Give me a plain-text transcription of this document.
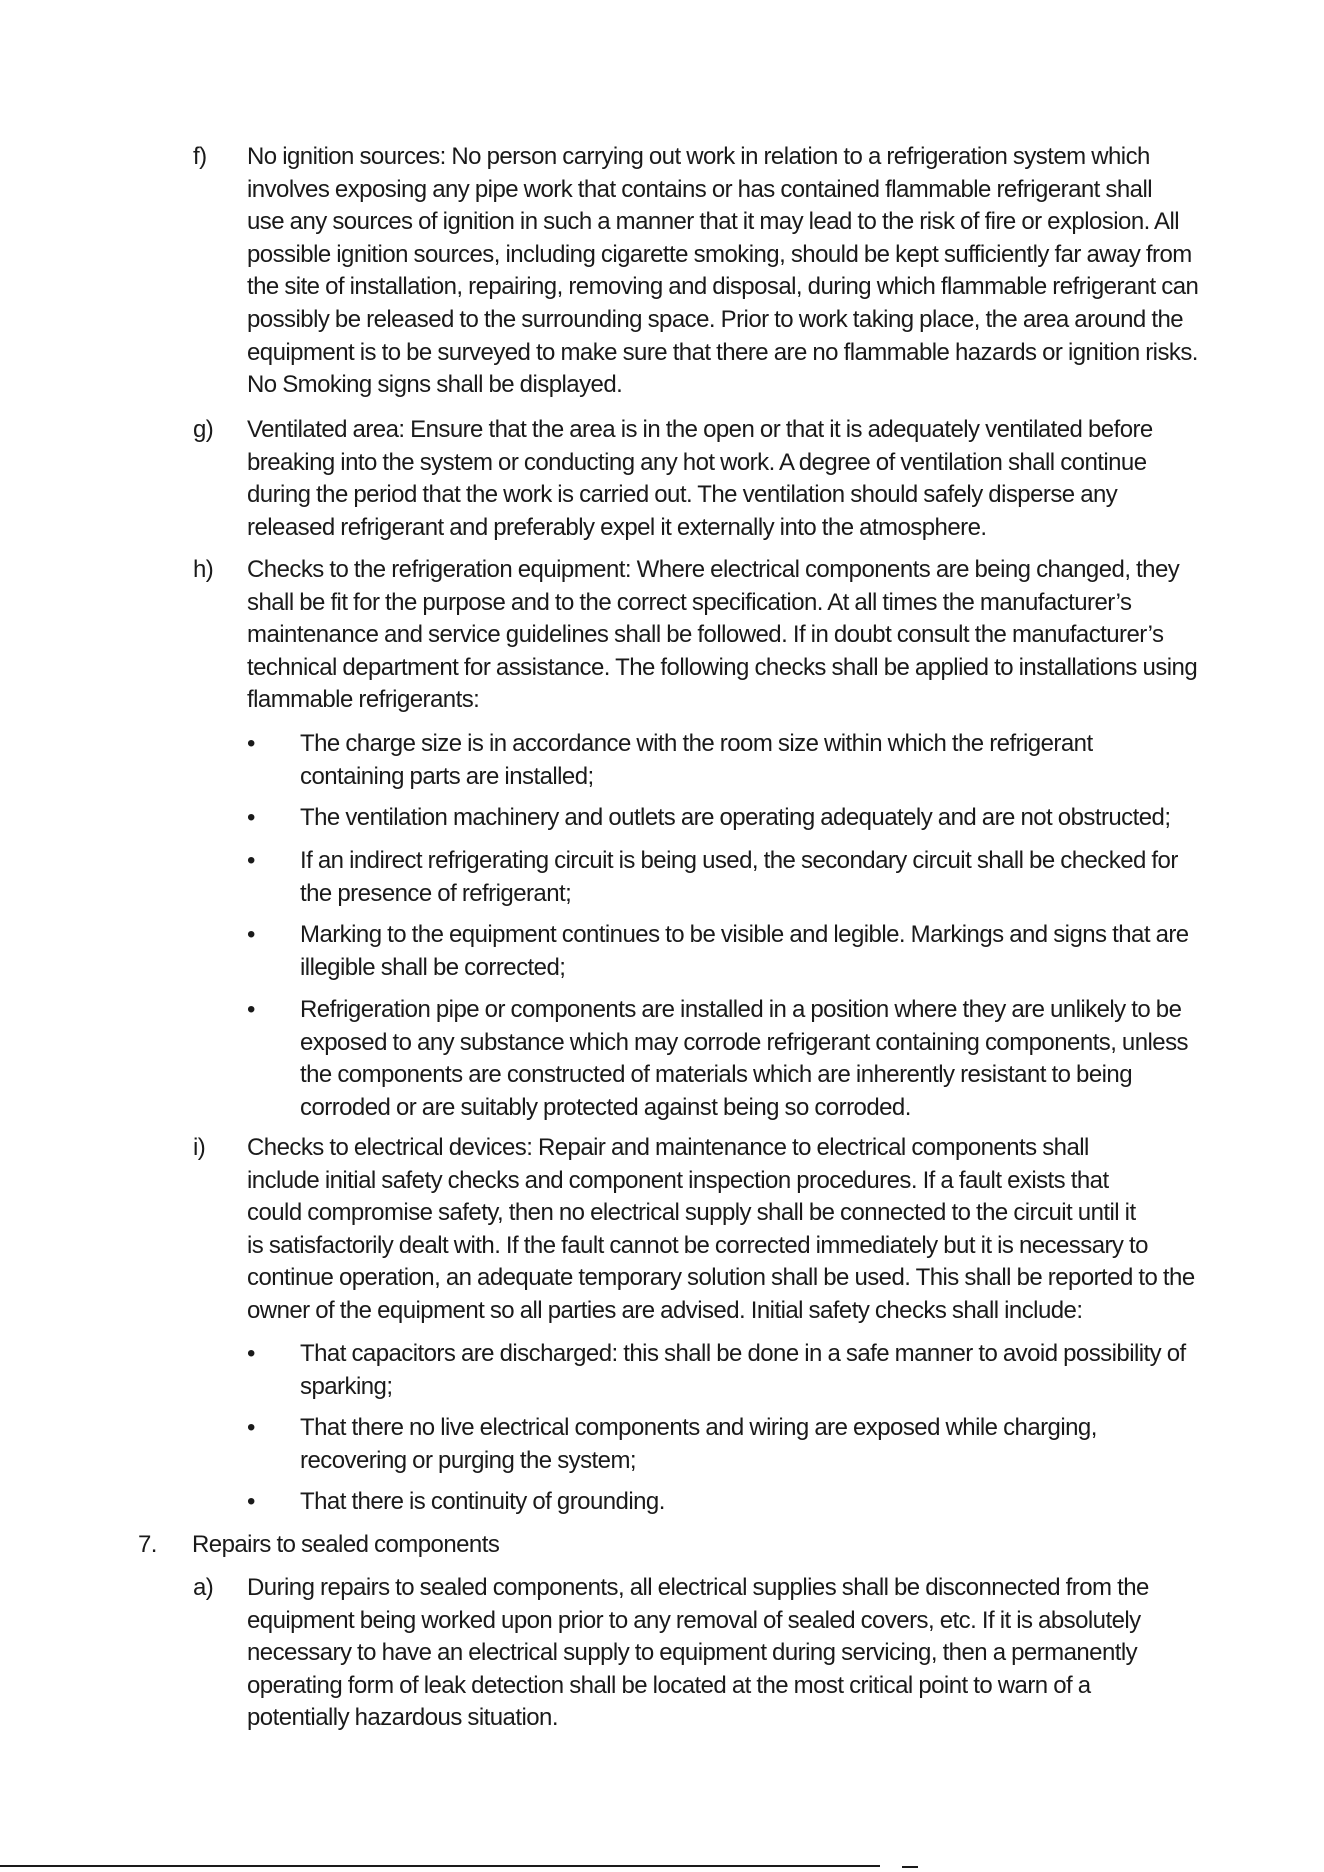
f) No ignition sources: No person carrying out work in relation to a refrigeration system which
involves exposing any pipe work that contains or has contained flammable refrigerant shall
use any sources of ignition in such a manner that it may lead to the risk of fire or explosion. All
possible ignition sources, including cigarette smoking, should be kept sufficiently far away from
the site of installation, repairing, removing and disposal, during which flammable refrigerant can
possibly be released to the surrounding space. Prior to work taking place, the area around the
equipment is to be surveyed to make sure that there are no flammable hazards or ignition risks.
No Smoking signs shall be displayed.
g) Ventilated area: Ensure that the area is in the open or that it is adequately ventilated before
breaking into the system or conducting any hot work. A degree of ventilation shall continue
during the period that the work is carried out. The ventilation should safely disperse any
released refrigerant and preferably expel it externally into the atmosphere.
h) Checks to the refrigeration equipment: Where electrical components are being changed, they
shall be fit for the purpose and to the correct specification. At all times the manufacturer’s
maintenance and service guidelines shall be followed. If in doubt consult the manufacturer’s
technical department for assistance. The following checks shall be applied to installations using
flammable refrigerants:
• The charge size is in accordance with the room size within which the refrigerant
containing parts are installed;
• The ventilation machinery and outlets are operating adequately and are not obstructed;
• If an indirect refrigerating circuit is being used, the secondary circuit shall be checked for
the presence of refrigerant;
• Marking to the equipment continues to be visible and legible. Markings and signs that are
illegible shall be corrected;
• Refrigeration pipe or components are installed in a position where they are unlikely to be
exposed to any substance which may corrode refrigerant containing components, unless
the components are constructed of materials which are inherently resistant to being
corroded or are suitably protected against being so corroded.
i) Checks to electrical devices: Repair and maintenance to electrical components shall
include initial safety checks and component inspection procedures. If a fault exists that
could compromise safety, then no electrical supply shall be connected to the circuit until it
is satisfactorily dealt with. If the fault cannot be corrected immediately but it is necessary to
continue operation, an adequate temporary solution shall be used. This shall be reported to the
owner of the equipment so all parties are advised. Initial safety checks shall include:
• That capacitors are discharged: this shall be done in a safe manner to avoid possibility of
sparking;
• That there no live electrical components and wiring are exposed while charging,
recovering or purging the system;
• That there is continuity of grounding.
7. Repairs to sealed components
a) During repairs to sealed components, all electrical supplies shall be disconnected from the
equipment being worked upon prior to any removal of sealed covers, etc. If it is absolutely
necessary to have an electrical supply to equipment during servicing, then a permanently
operating form of leak detection shall be located at the most critical point to warn of a
potentially hazardous situation.
